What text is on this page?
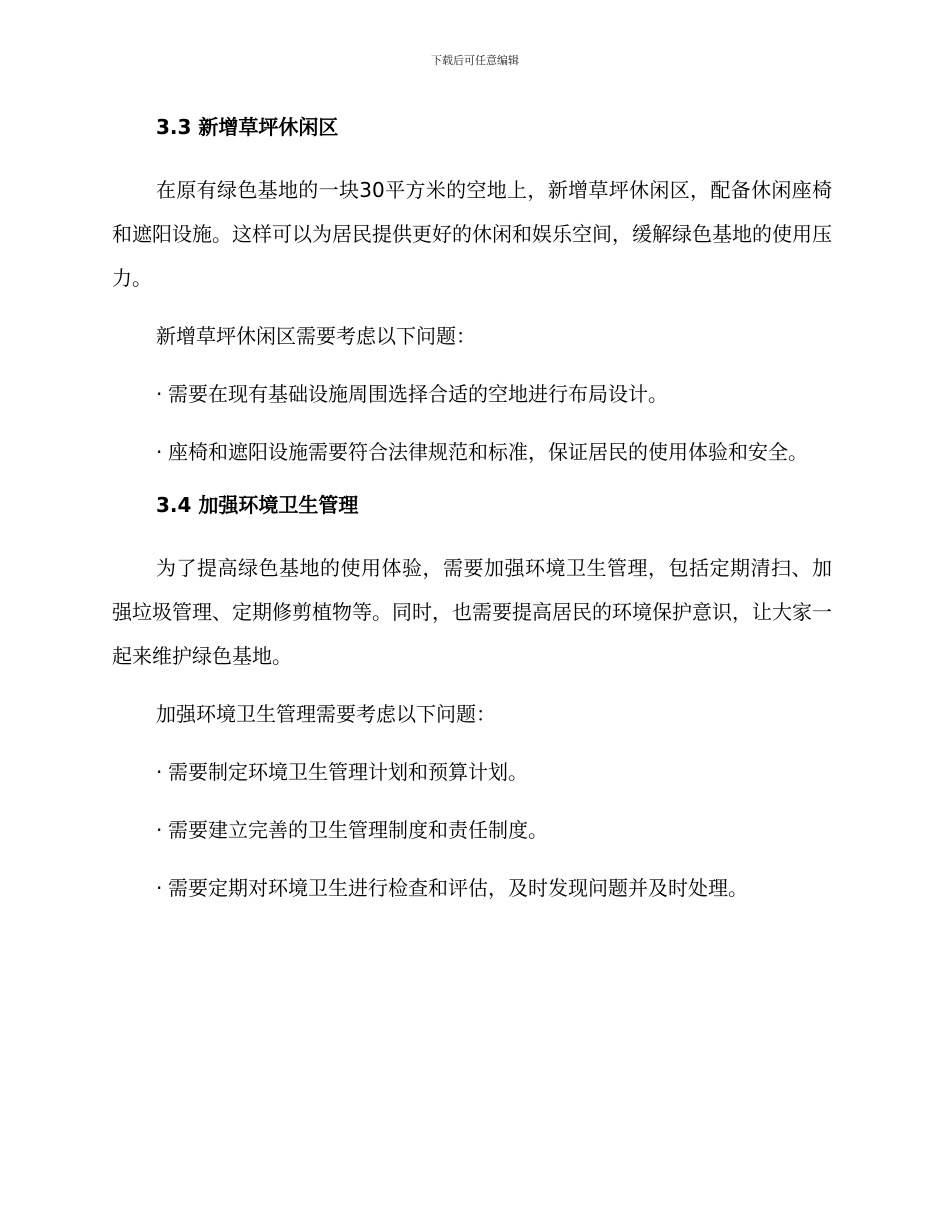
下载后可任意编辑
3.3 新增草坪休闲区
在原有绿色基地的一块30平方米的空地上，新增草坪休闲区，配备休闲座椅和遮阳设施。这样可以为居民提供更好的休闲和娱乐空间，缓解绿色基地的使用压力。
新增草坪休闲区需要考虑以下问题：
· 需要在现有基础设施周围选择合适的空地进行布局设计。
· 座椅和遮阳设施需要符合法律规范和标准，保证居民的使用体验和安全。
3.4 加强环境卫生管理
为了提高绿色基地的使用体验，需要加强环境卫生管理，包括定期清扫、加强垃圾管理、定期修剪植物等。同时，也需要提高居民的环境保护意识，让大家一起来维护绿色基地。
加强环境卫生管理需要考虑以下问题：
· 需要制定环境卫生管理计划和预算计划。
· 需要建立完善的卫生管理制度和责任制度。
· 需要定期对环境卫生进行检查和评估，及时发现问题并及时处理。
